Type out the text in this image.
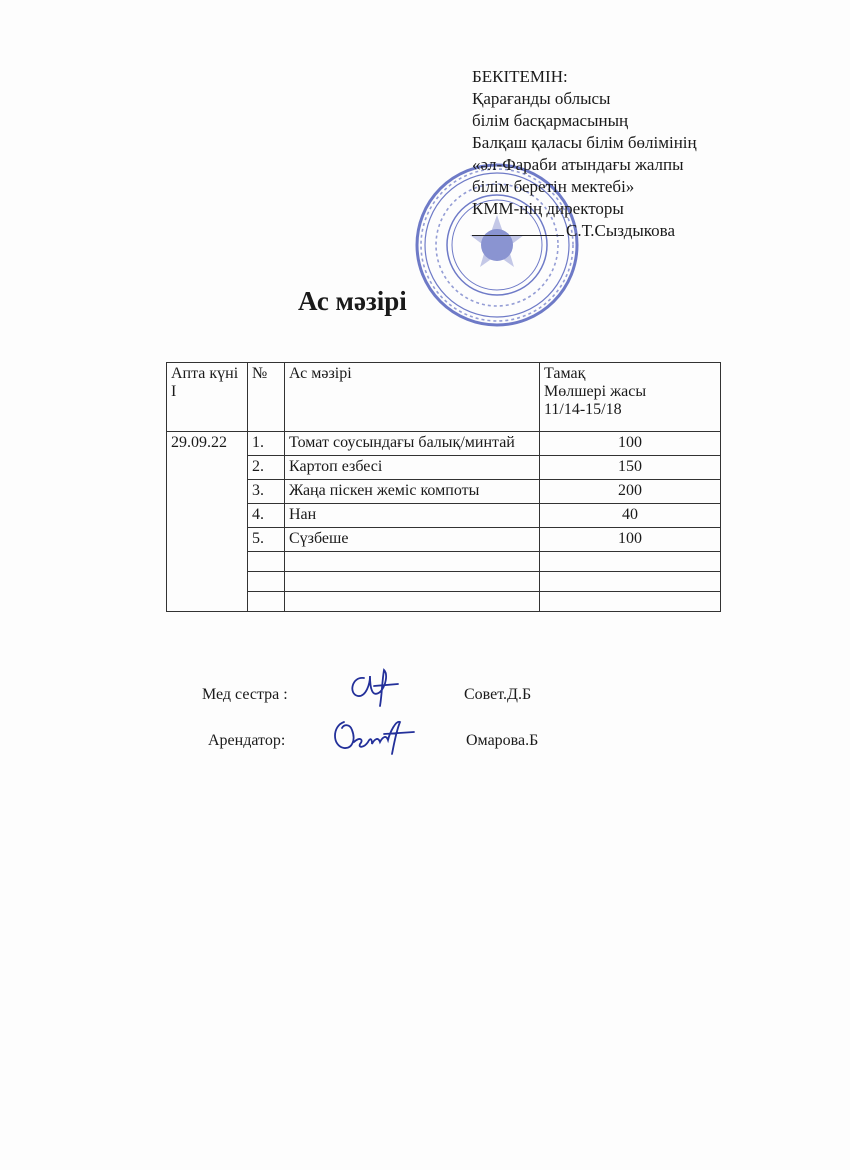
БЕКІТЕМІН:
Қарағанды облысы
білім басқармасының
Балқаш қаласы білім бөлімінің
«әл-Фараби атындағы жалпы
білім беретін мектебі»
КММ-нің директоры
С.Т.Сыздыкова
Ас мәзірі
Апта күні І	№	Ас мәзірі	Тамақ
Мөлшері жасы
11/14-15/18

29.09.22	1.	Томат соусындағы балық/минтай	100
	2.	Картоп езбесі	150
	3.	Жаңа піскен жеміс компоты	200
	4.	Нан	40
	5.	Сүзбеше	100

Мед сестра :	Совет.Д.Б
Арендатор:	Омарова.Б
